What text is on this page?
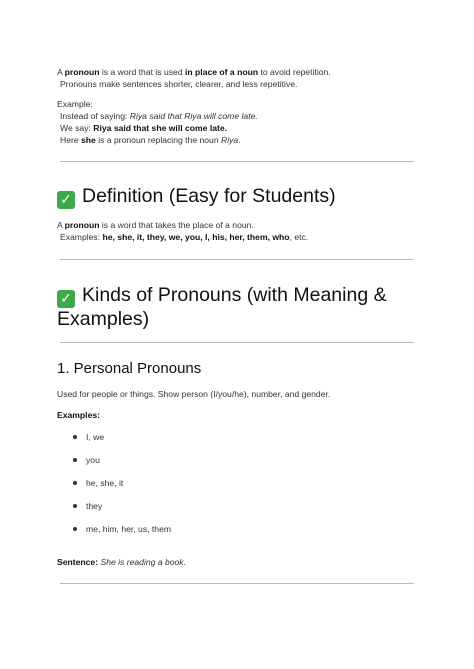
A pronoun is a word that is used in place of a noun to avoid repetition.
Pronouns make sentences shorter, clearer, and less repetitive.
Example:
Instead of saying: Riya said that Riya will come late.
We say: Riya said that she will come late.
Here she is a pronoun replacing the noun Riya.
✓ Definition (Easy for Students)
A pronoun is a word that takes the place of a noun.
Examples: he, she, it, they, we, you, I, his, her, them, who, etc.
✓ Kinds of Pronouns (with Meaning &
Examples)
1. Personal Pronouns
Used for people or things. Show person (I/you/he), number, and gender.
Examples:
I, we
you
he, she, it
they
me, him, her, us, them
Sentence: She is reading a book.
